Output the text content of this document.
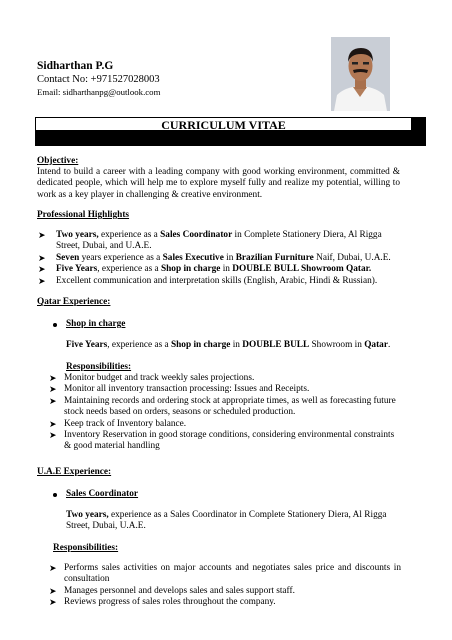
Sidharthan P.G
Contact No: +971527028003
Email: sidharthanpg@outlook.com
CURRICULUM VITAE
Objective:
Intend to build a career with a leading company with good working environment, committed & dedicated people, which will help me to explore myself fully and realize my potential, willing to work as a key player in challenging & creative environment.
Professional Highlights
➤ Two years, experience as a Sales Coordinator in Complete Stationery Diera, Al Rigga Street, Dubai, and U.A.E.
➤ Seven years experience as a Sales Executive in Brazilian Furniture Naif, Dubai, U.A.E.
➤ Five Years, experience as a Shop in charge in DOUBLE BULL Showroom Qatar.
➤ Excellent communication and interpretation skills (English, Arabic, Hindi & Russian).
Qatar Experience:
Shop in charge
Five Years, experience as a Shop in charge in DOUBLE BULL Showroom in Qatar.
Responsibilities:
➤ Monitor budget and track weekly sales projections.
➤ Monitor all inventory transaction processing: Issues and Receipts.
➤ Maintaining records and ordering stock at appropriate times, as well as forecasting future stock needs based on orders, seasons or scheduled production.
➤ Keep track of Inventory balance.
➤ Inventory Reservation in good storage conditions, considering environmental constraints & good material handling
U.A.E Experience:
Sales Coordinator
Two years, experience as a Sales Coordinator in Complete Stationery Diera, Al Rigga Street, Dubai, U.A.E.
Responsibilities:
➤ Performs sales activities on major accounts and negotiates sales price and discounts in consultation
➤ Manages personnel and develops sales and sales support staff.
➤ Reviews progress of sales roles throughout the company.
